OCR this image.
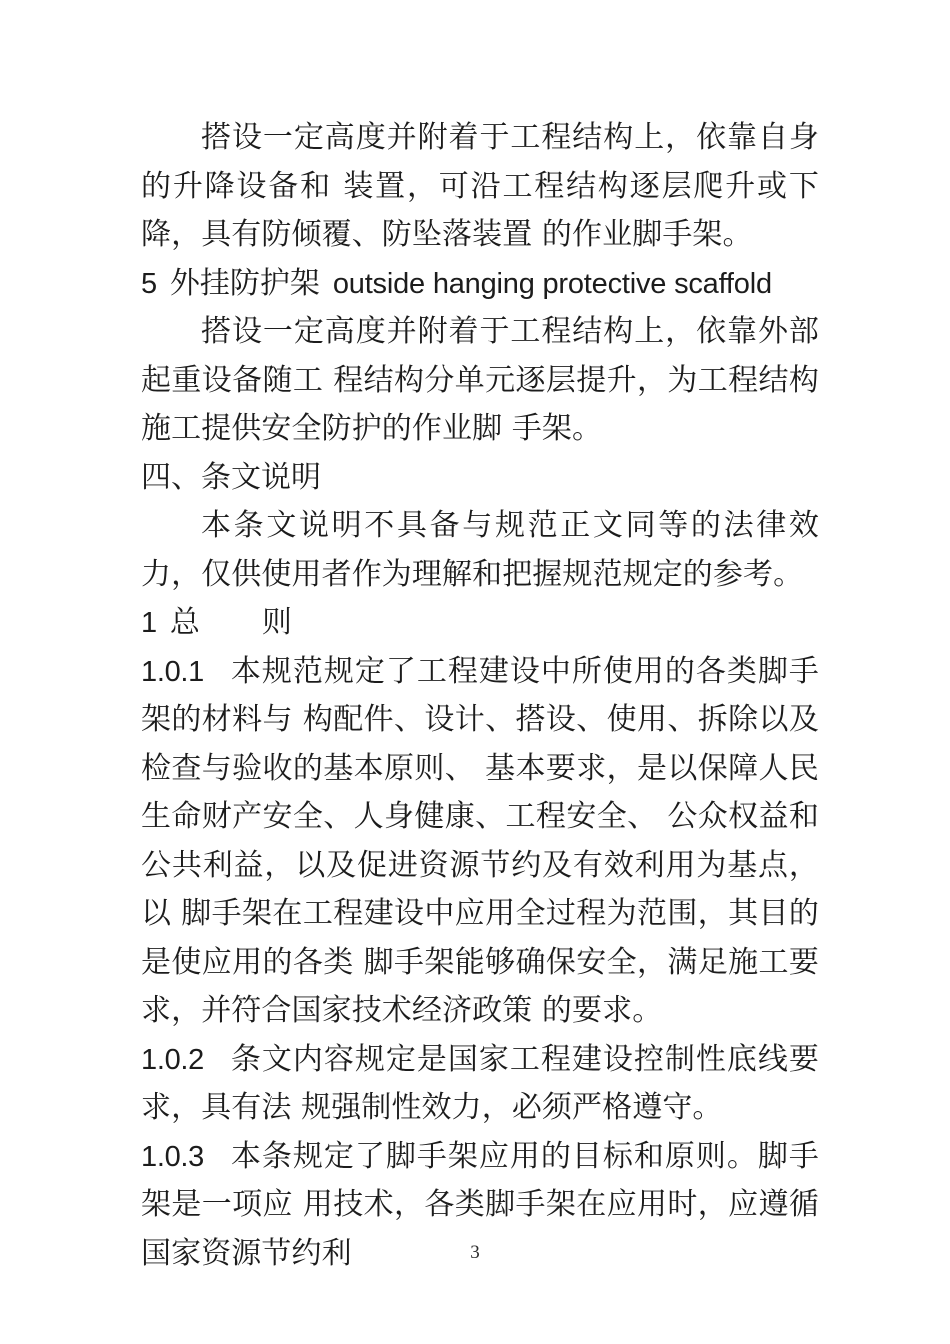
搭设一定高度并附着于工程结构上，依靠自身的升降设备和 装置，可沿工程结构逐层爬升或下降，具有防倾覆、防坠落装置 的作业脚手架。

5 外挂防护架 outside hanging protective scaffold

搭设一定高度并附着于工程结构上，依靠外部起重设备随工 程结构分单元逐层提升，为工程结构施工提供安全防护的作业脚 手架。

四、条文说明

本条文说明不具备与规范正文同等的法律效力，仅供使用者作为理解和把握规范规定的参考。

1 总 则

1.0.1 本规范规定了工程建设中所使用的各类脚手架的材料与 构配件、设计、搭设、使用、拆除以及检查与验收的基本原则、 基本要求，是以保障人民生命财产安全、人身健康、工程安全、 公众权益和公共利益，以及促进资源节约及有效利用为基点，以 脚手架在工程建设中应用全过程为范围，其目的是使应用的各类 脚手架能够确保安全，满足施工要求，并符合国家技术经济政策 的要求。

1.0.2 条文内容规定是国家工程建设控制性底线要求，具有法 规强制性效力，必须严格遵守。

1.0.3 本条规定了脚手架应用的目标和原则。脚手架是一项应 用技术，各类脚手架在应用时，应遵循国家资源节约利	3
